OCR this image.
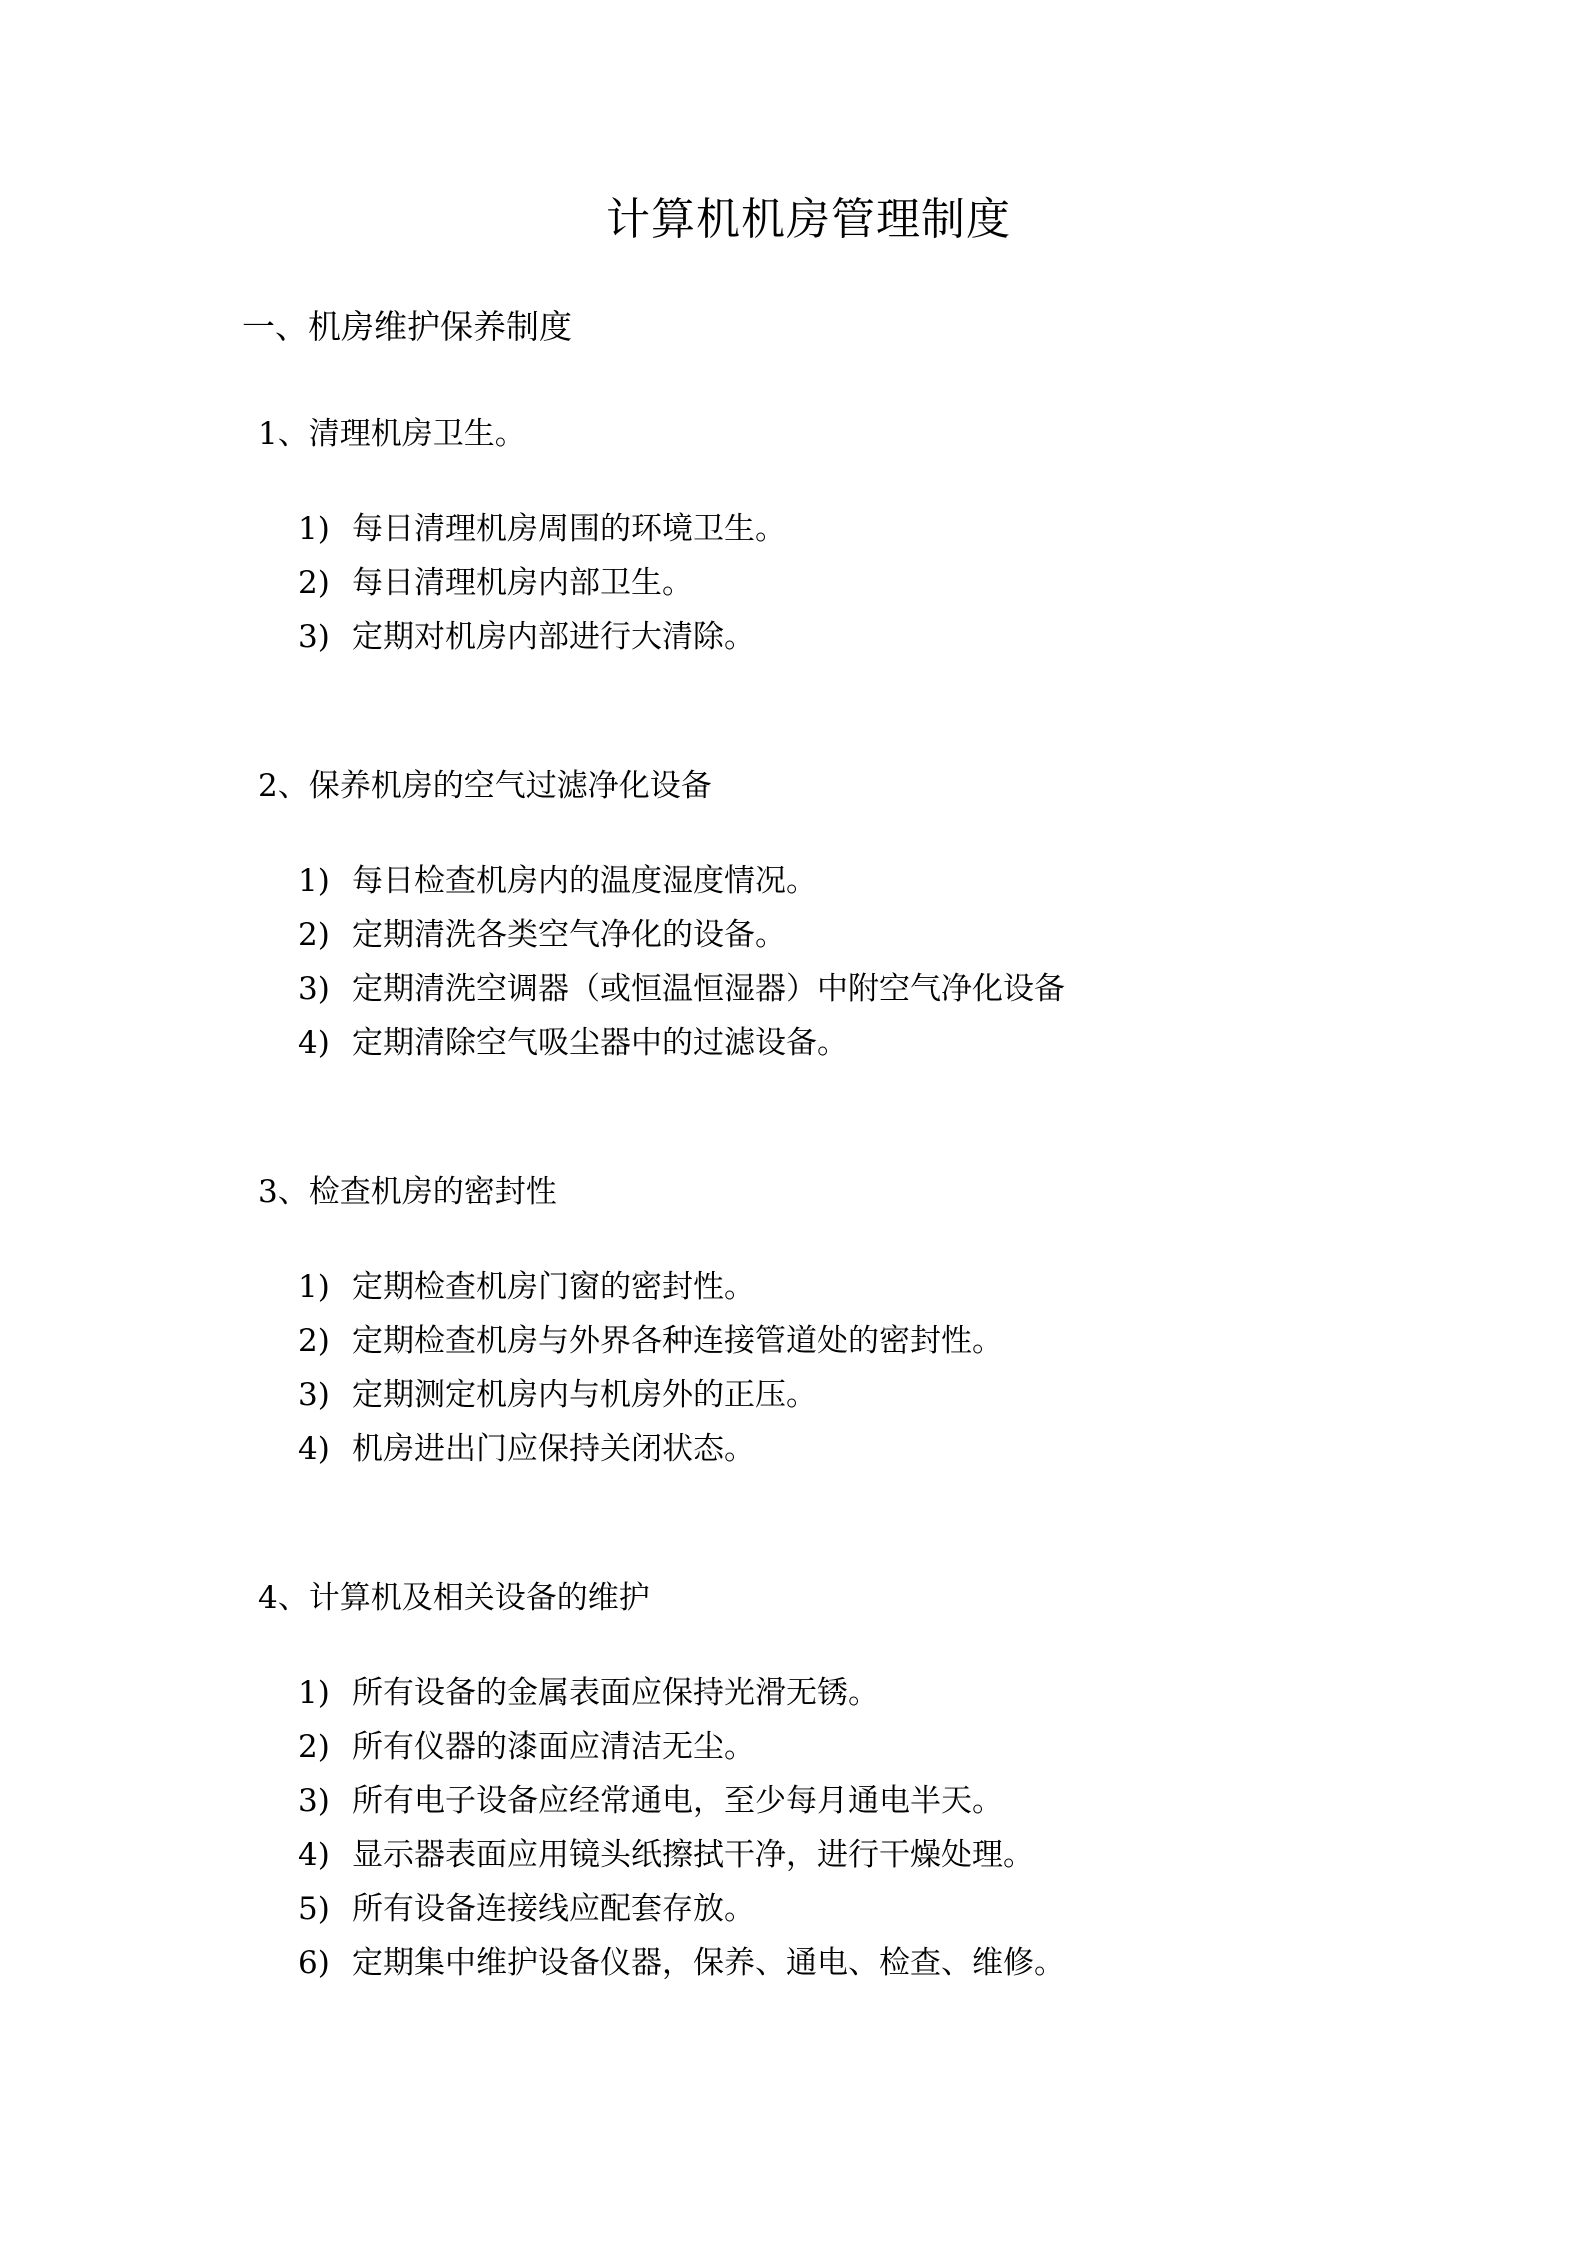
计算机机房管理制度
一、机房维护保养制度
1、清理机房卫生。
1) 每日清理机房周围的环境卫生。
2) 每日清理机房内部卫生。
3) 定期对机房内部进行大清除。
2、保养机房的空气过滤净化设备
1) 每日检查机房内的温度湿度情况。
2) 定期清洗各类空气净化的设备。
3) 定期清洗空调器（或恒温恒湿器）中附空气净化设备
4) 定期清除空气吸尘器中的过滤设备。
3、检查机房的密封性
1) 定期检查机房门窗的密封性。
2) 定期检查机房与外界各种连接管道处的密封性。
3) 定期测定机房内与机房外的正压。
4) 机房进出门应保持关闭状态。
4、计算机及相关设备的维护
1) 所有设备的金属表面应保持光滑无锈。
2) 所有仪器的漆面应清洁无尘。
3) 所有电子设备应经常通电，至少每月通电半天。
4) 显示器表面应用镜头纸擦拭干净，进行干燥处理。
5) 所有设备连接线应配套存放。
6) 定期集中维护设备仪器，保养、通电、检查、维修。
